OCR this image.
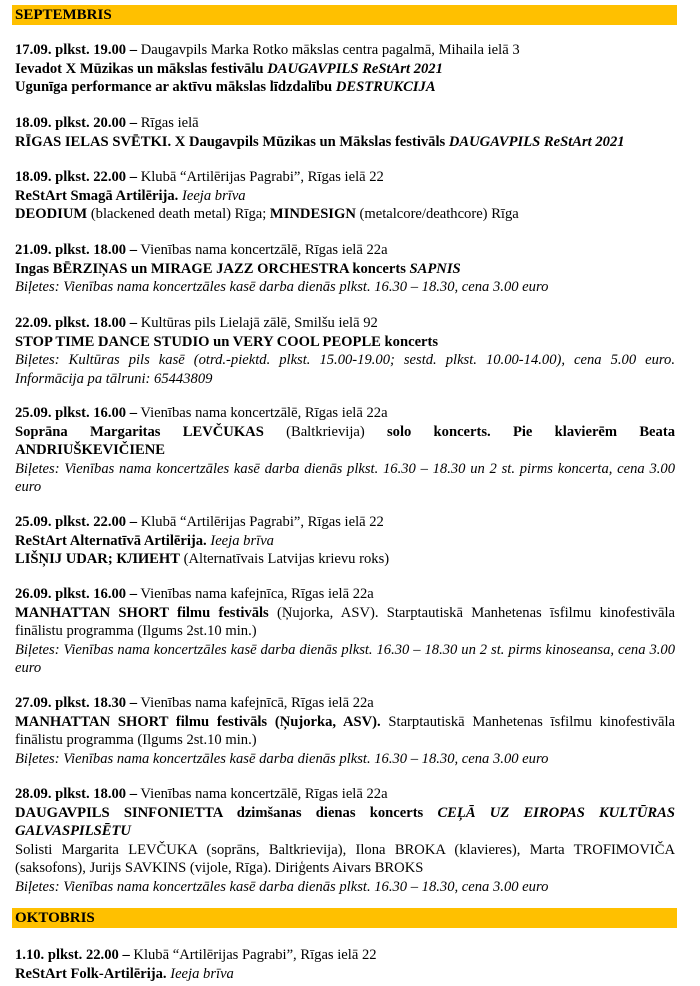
SEPTEMBRIS

17.09. plkst. 19.00 – Daugavpils Marka Rotko mākslas centra pagalmā, Mihaila ielā 3

Ievadot X Mūzikas un mākslas festivālu DAUGAVPILS ReStArt 2021

Ugunīga performance ar aktīvu mākslas līdzdalību DESTRUKCIJA

18.09. plkst. 20.00 – Rīgas ielā

RĪGAS IELAS SVĒTKI. X Daugavpils Mūzikas un Mākslas festivāls DAUGAVPILS ReStArt 2021

18.09. plkst. 22.00 – Klubā “Artilērijas Pagrabi”, Rīgas ielā 22

ReStArt Smagā Artilērija. Ieeja brīva

DEODIUM (blackened death metal) Rīga; MINDESIGN (metalcore/deathcore) Rīga

21.09. plkst. 18.00 – Vienības nama koncertzālē, Rīgas ielā 22a

Ingas BĒRZIŅAS un MIRAGE JAZZ ORCHESTRA koncerts SAPNIS

Biļetes: Vienības nama koncertzāles kasē darba dienās plkst. 16.30 – 18.30, cena 3.00 euro

22.09. plkst. 18.00 – Kultūras pils Lielajā zālē, Smilšu ielā 92

STOP TIME DANCE STUDIO un VERY COOL PEOPLE koncerts

Biļetes: Kultūras pils kasē (otrd.-piektd. plkst. 15.00-19.00; sestd. plkst. 10.00-14.00), cena 5.00 euro. Informācija pa tālruni: 65443809

25.09. plkst. 16.00 – Vienības nama koncertzālē, Rīgas ielā 22a

Soprāna Margaritas LEVČUKAS (Baltkrievija) solo koncerts. Pie klavierēm Beata ANDRIUŠKEVIČIENE

Biļetes: Vienības nama koncertzāles kasē darba dienās plkst. 16.30 – 18.30 un 2 st. pirms koncerta, cena 3.00 euro

25.09. plkst. 22.00 – Klubā “Artilērijas Pagrabi”, Rīgas ielā 22

ReStArt Alternatīvā Artilērija. Ieeja brīva

LIŠŅIJ UDAR; КЛИЕНТ (Alternatīvais Latvijas krievu roks)

26.09. plkst. 16.00 – Vienības nama kafejnīca, Rīgas ielā 22a

MANHATTAN SHORT filmu festivāls (Ņujorka, ASV). Starptautiskā Manhetenas īsfilmu kinofestivāla finālistu programma (Ilgums 2st.10 min.)

Biļetes: Vienības nama koncertzāles kasē darba dienās plkst. 16.30 – 18.30 un 2 st. pirms kinoseansa, cena 3.00 euro

27.09. plkst. 18.30 – Vienības nama kafejnīcā, Rīgas ielā 22a

MANHATTAN SHORT filmu festivāls (Ņujorka, ASV). Starptautiskā Manhetenas īsfilmu kinofestivāla finālistu programma (Ilgums 2st.10 min.)

Biļetes: Vienības nama koncertzāles kasē darba dienās plkst. 16.30 – 18.30, cena 3.00 euro

28.09. plkst. 18.00 – Vienības nama koncertzālē, Rīgas ielā 22a

DAUGAVPILS SINFONIETTA dzimšanas dienas koncerts CEĻĀ UZ EIROPAS KULTŪRAS GALVASPILSĒTU

Solisti Margarita LEVČUKA (soprāns, Baltkrievija), Ilona BROKA (klavieres), Marta TROFIMOVIČA (saksofons), Jurijs SAVKINS (vijole, Rīga). Diriģents Aivars BROKS

Biļetes: Vienības nama koncertzāles kasē darba dienās plkst. 16.30 – 18.30, cena 3.00 euro

OKTOBRIS

1.10. plkst. 22.00 – Klubā “Artilērijas Pagrabi”, Rīgas ielā 22

ReStArt Folk-Artilērija. Ieeja brīva
